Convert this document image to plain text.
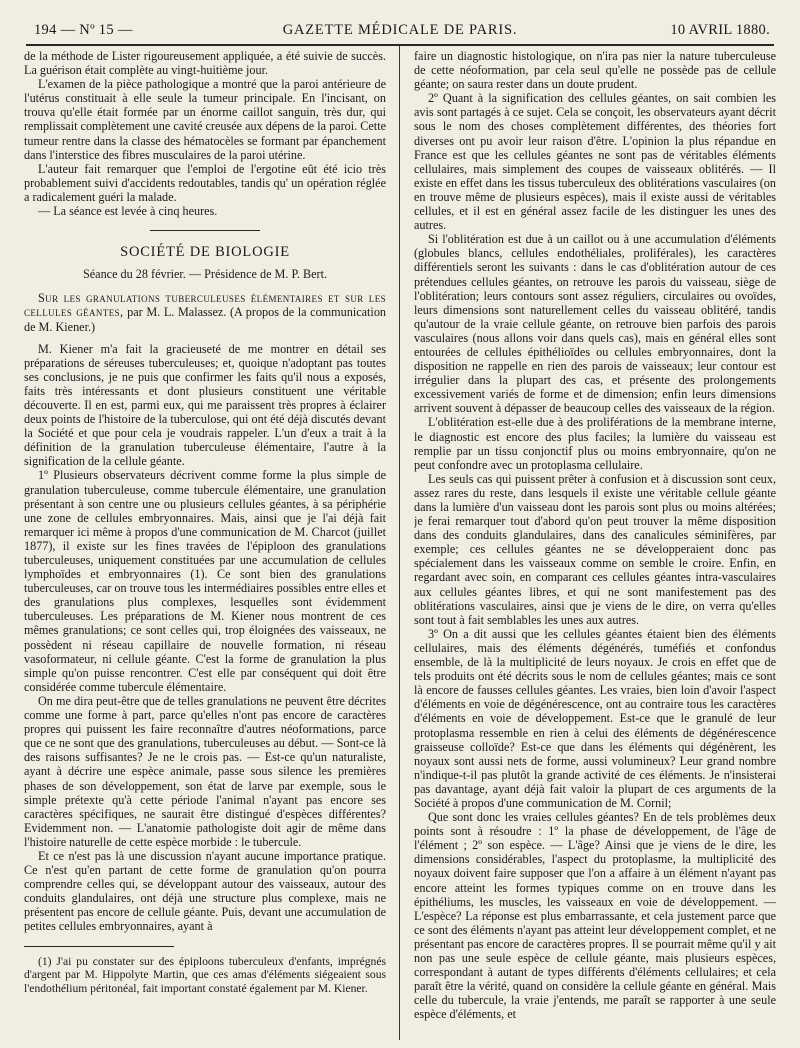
194 — Nº 15 —	GAZETTE MÉDICALE DE PARIS.	10 AVRIL 1880.

de la méthode de Lister rigoureusement appliquée, a été suivie de succès. La guérison était complète au vingt-huitième jour.

L'examen de la pièce pathologique a montré que la paroi antérieure de l'utérus constituait à elle seule la tumeur principale. En l'incisant, on trouva qu'elle était formée par un énorme caillot sanguin, très dur, qui remplissait complètement une cavité creusée aux dépens de la paroi. Cette tumeur rentre dans la classe des hématocèles se formant par épanchement dans l'interstice des fibres musculaires de la paroi utérine.

L'auteur fait remarquer que l'emploi de l'ergotine eût été icio très probablement suivi d'accidents redoutables, tandis qu' un opération réglée a radicalement guéri la malade.

— La séance est levée à cinq heures.

SOCIÉTÉ DE BIOLOGIE
Séance du 28 février. — Présidence de M. P. Bert.

Sur les granulations tuberculeuses élémentaires et sur les cellules géantes, par M. L. Malassez. (A propos de la communication de M. Kiener.)

M. Kiener m'a fait la gracieuseté de me montrer en détail ses préparations de séreuses tuberculeuses; et, quoique n'adoptant pas toutes ses conclusions, je ne puis que confirmer les faits qu'il nous a exposés, faits très intéressants et dont plusieurs constituent une véritable découverte. Il en est, parmi eux, qui me paraissent très propres à éclairer deux points de l'histoire de la tuberculose, qui ont été déjà discutés devant la Société et que pour cela je voudrais rappeler. L'un d'eux a trait à la définition de la granulation tuberculeuse élémentaire, l'autre à la signification de la cellule géante.

1º Plusieurs observateurs décrivent comme forme la plus simple de granulation tuberculeuse, comme tubercule élémentaire, une granulation présentant à son centre une ou plusieurs cellules géantes, à sa périphérie une zone de cellules embryonnaires. Mais, ainsi que je l'ai déjà fait remarquer ici même à propos d'une communication de M. Charcot (juillet 1877), il existe sur les fines travées de l'épiploon des granulations tuberculeuses, uniquement constituées par une accumulation de cellules lymphoïdes et embryonnaires (1). Ce sont bien des granulations tuberculeuses, car on trouve tous les intermédiaires possibles entre elles et des granulations plus complexes, lesquelles sont évidemment tuberculeuses. Les préparations de M. Kiener nous montrent de ces mêmes granulations; ce sont celles qui, trop éloignées des vaisseaux, ne possèdent ni réseau capillaire de nouvelle formation, ni réseau vasoformateur, ni cellule géante. C'est la forme de granulation la plus simple qu'on puisse rencontrer. C'est elle par conséquent qui doit être considérée comme tubercule élémentaire.

On me dira peut-être que de telles granulations ne peuvent être décrites comme une forme à part, parce qu'elles n'ont pas encore de caractères propres qui puissent les faire reconnaître d'autres néoformations, parce que ce ne sont que des granulations, tuberculeuses au début. — Sont-ce là des raisons suffisantes? Je ne le crois pas. — Est-ce qu'un naturaliste, ayant à décrire une espèce animale, passe sous silence les premières phases de son développement, son état de larve par exemple, sous le simple prétexte qu'à cette période l'animal n'ayant pas encore ses caractères spécifiques, ne saurait être distingué d'espèces différentes? Evidemment non. — L'anatomie pathologiste doit agir de même dans l'histoire naturelle de cette espèce morbide : le tubercule.

Et ce n'est pas là une discussion n'ayant aucune importance pratique. Ce n'est qu'en partant de cette forme de granulation qu'on pourra comprendre celles qui, se développant autour des vaisseaux, autour des conduits glandulaires, ont déjà une structure plus complexe, mais ne présentent pas encore de cellule géante. Puis, devant une accumulation de petites cellules embryonnaires, ayant à

(1) J'ai pu constater sur des épiploons tuberculeux d'enfants, imprégnés d'argent par M. Hippolyte Martin, que ces amas d'éléments siégeaient sous l'endothélium péritonéal, fait important constaté également par M. Kiener.

faire un diagnostic histologique, on n'ira pas nier la nature tuberculeuse de cette néoformation, par cela seul qu'elle ne possède pas de cellule géante; on saura rester dans un doute prudent.

2º Quant à la signification des cellules géantes, on sait combien les avis sont partagés à ce sujet. Cela se conçoit, les observateurs ayant décrit sous le nom des choses complètement différentes, des théories fort diverses ont pu avoir leur raison d'être. L'opinion la plus répandue en France est que les cellules géantes ne sont pas de véritables éléments cellulaires, mais simplement des coupes de vaisseaux oblitérés. — Il existe en effet dans les tissus tuberculeux des oblitérations vasculaires (on en trouve même de plusieurs espèces), mais il existe aussi de véritables cellules, et il est en général assez facile de les distinguer les unes des autres.

Si l'oblitération est due à un caillot ou à une accumulation d'éléments (globules blancs, cellules endothéliales, proliférales), les caractères différentiels seront les suivants : dans le cas d'oblitération autour de ces prétendues cellules géantes, on retrouve les parois du vaisseau, siège de l'oblitération; leurs contours sont assez réguliers, circulaires ou ovoïdes, leurs dimensions sont naturellement celles du vaisseau oblitéré, tandis qu'autour de la vraie cellule géante, on retrouve bien parfois des parois vasculaires (nous allons voir dans quels cas), mais en général elles sont entourées de cellules épithélioïdes ou cellules embryonnaires, dont la disposition ne rappelle en rien des parois de vaisseaux; leur contour est irrégulier dans la plupart des cas, et présente des prolongements excessivement variés de forme et de dimension; enfin leurs dimensions arrivent souvent à dépasser de beaucoup celles des vaisseaux de la région.

L'oblitération est-elle due à des proliférations de la membrane interne, le diagnostic est encore des plus faciles; la lumière du vaisseau est remplie par un tissu conjonctif plus ou moins embryonnaire, qu'on ne peut confondre avec un protoplasma cellulaire.

Les seuls cas qui puissent prêter à confusion et à discussion sont ceux, assez rares du reste, dans lesquels il existe une véritable cellule géante dans la lumière d'un vaisseau dont les parois sont plus ou moins altérées; je ferai remarquer tout d'abord qu'on peut trouver la même disposition dans des conduits glandulaires, dans des canalicules séminifères, par exemple; ces cellules géantes ne se développeraient donc pas spécialement dans les vaisseaux comme on semble le croire. Enfin, en regardant avec soin, en comparant ces cellules géantes intra-vasculaires aux cellules géantes libres, et qui ne sont manifestement pas des oblitérations vasculaires, ainsi que je viens de le dire, on verra qu'elles sont tout à fait semblables les unes aux autres.

3º On a dit aussi que les cellules géantes étaient bien des éléments cellulaires, mais des éléments dégénérés, tuméfiés et confondus ensemble, de là la multiplicité de leurs noyaux. Je crois en effet que de tels produits ont été décrits sous le nom de cellules géantes; mais ce sont là encore de fausses cellules géantes. Les vraies, bien loin d'avoir l'aspect d'éléments en voie de dégénérescence, ont au contraire tous les caractères d'éléments en voie de développement. Est-ce que le granulé de leur protoplasma ressemble en rien à celui des éléments de dégénérescence graisseuse colloïde? Est-ce que dans les éléments qui dégénèrent, les noyaux sont aussi nets de forme, aussi volumineux? Leur grand nombre n'indique-t-il pas plutôt la grande activité de ces éléments. Je n'insisterai pas davantage, ayant déjà fait valoir la plupart de ces arguments de la Société à propos d'une communication de M. Cornil;

Que sont donc les vraies cellules géantes? En de tels problèmes deux points sont à résoudre : 1º la phase de développement, de l'âge de l'élément ; 2º son espèce. — L'âge? Ainsi que je viens de le dire, les dimensions considérables, l'aspect du protoplasme, la multiplicité des noyaux doivent faire supposer que l'on a affaire à un élément n'ayant pas encore atteint les formes typiques comme on en trouve dans les épithéliums, les muscles, les vaisseaux en voie de développement. — L'espèce? La réponse est plus embarrassante, et cela justement parce que ce sont des éléments n'ayant pas atteint leur développement complet, et ne présentant pas encore de caractères propres. Il se pourrait même qu'il y ait non pas une seule espèce de cellule géante, mais plusieurs espèces, correspondant à autant de types différents d'éléments cellulaires; et cela paraît être la vérité, quand on considère la cellule géante en général. Mais celle du tubercule, la vraie j'entends, me paraît se rapporter à une seule espèce d'éléments, et
